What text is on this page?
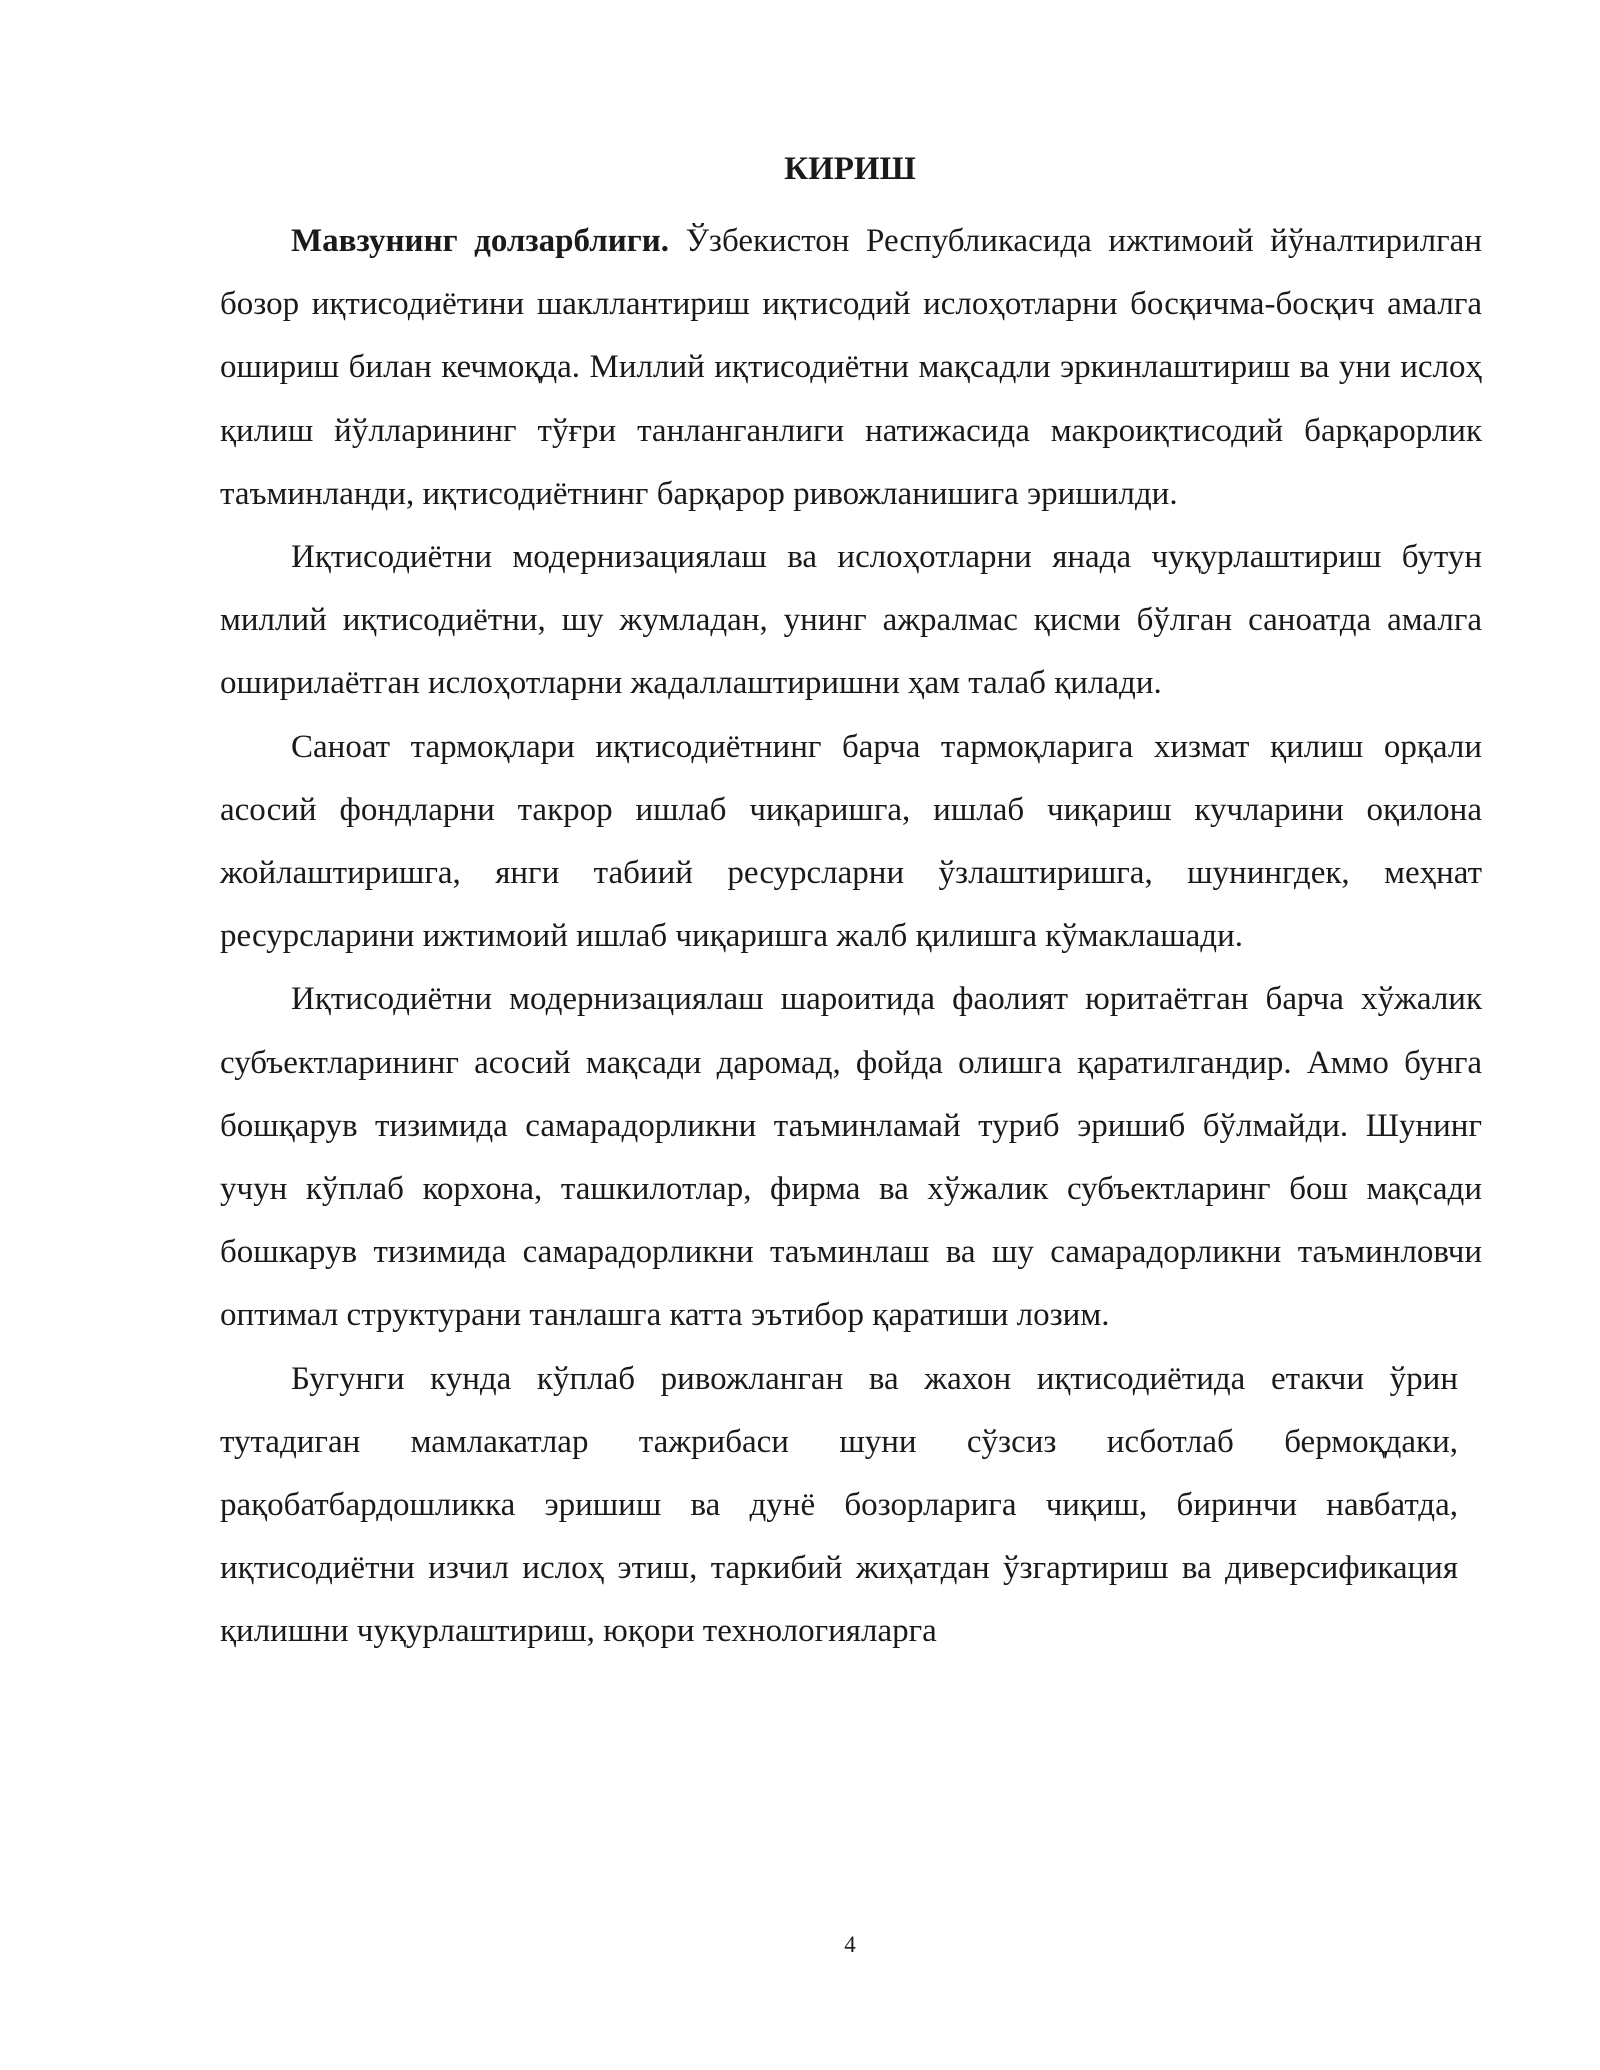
КИРИШ

Мавзунинг долзарблиги. Ўзбекистон Республикасида ижтимоий йўналтирилган бозор иқтисодиётини шакллантириш иқтисодий ислоҳотларни босқичма-босқич амалга ошириш билан кечмоқда. Миллий иқтисодиётни мақсадли эркинлаштириш ва уни ислоҳ қилиш йўлларининг тўғри танланганлиги натижасида макроиқтисодий барқарорлик таъминланди, иқтисодиётнинг барқарор ривожланишига эришилди.

Иқтисодиётни модернизациялаш ва ислоҳотларни янада чуқурлаштириш бутун миллий иқтисодиётни, шу жумладан, унинг ажралмас қисми бўлган саноатда амалга оширилаётган ислоҳотларни жадаллаштиришни ҳам талаб қилади.

Саноат тармоқлари иқтисодиётнинг барча тармоқларига хизмат қилиш орқали асосий фондларни такрор ишлаб чиқаришга, ишлаб чиқариш кучларини оқилона жойлаштиришга, янги табиий ресурсларни ўзлаштиришга, шунингдек, меҳнат ресурсларини ижтимоий ишлаб чиқаришга жалб қилишга кўмаклашади.

Иқтисодиётни модернизациялаш шароитида фаолият юритаётган барча хўжалик субъектларининг асосий мақсади даромад, фойда олишга қаратилгандир. Аммо бунга бошқарув тизимида самарадорликни таъминламай туриб эришиб бўлмайди. Шунинг учун кўплаб корхона, ташкилотлар, фирма ва хўжалик субъектларинг бош мақсади бошкарув тизимида самарадорликни таъминлаш ва шу самарадорликни таъминловчи оптимал структурани танлашга катта эътибор қаратиши лозим.

Бугунги кунда кўплаб ривожланган ва жахон иқтисодиётида етакчи ўрин тутадиган мамлакатлар тажрибаси шуни сўзсиз исботлаб бермоқдаки, рақобатбардошликка эришиш ва дунё бозорларига чиқиш, биринчи навбатда, иқтисодиётни изчил ислоҳ этиш, таркибий жиҳатдан ўзгартириш ва диверсификация қилишни чуқурлаштириш, юқори технологияларга

4
